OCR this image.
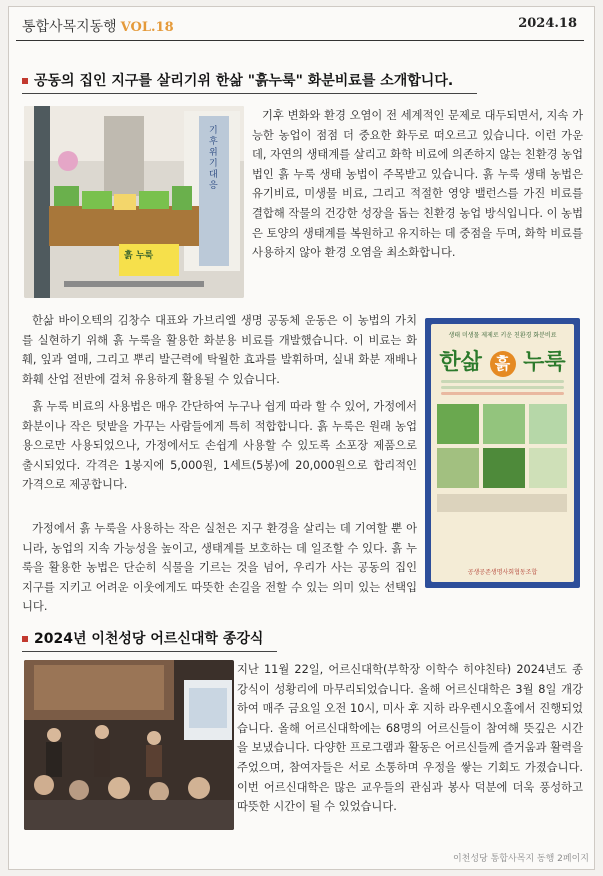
통합사목지동행 VOL.18	2024.18
공동의 집인 지구를 살리기위 한삶 "흙누룩" 화분비료를 소개합니다.
기후위기 대응
흙 누룩
기후 변화와 환경 오염이 전 세계적인 문제로 대두되면서, 지속 가능한 농업이 점점 더 중요한 화두로 떠오르고 있습니다. 이런 가운데, 자연의 생태계를 살리고 화학 비료에 의존하지 않는 친환경 농업법인 흙 누룩 생태 농법이 주목받고 있습니다. 흙 누룩 생태 농법은 유기비료, 미생물 비료, 그리고 적절한 영양 밸런스를 가진 비료를 결합해 작물의 건강한 성장을 돕는 친환경 농업 방식입니다. 이 농법은 토양의 생태계를 복원하고 유지하는 데 중점을 두며, 화학 비료를 사용하지 않아 환경 오염을 최소화합니다.
한삶 바이오텍의 김창수 대표와 가브리엘 생명 공동체 운동은 이 농법의 가치를 실현하기 위해 흙 누룩을 활용한 화분용 비료를 개발했습니다. 이 비료는 화훼, 잎과 열매, 그리고 뿌리 발근력에 탁월한 효과를 발휘하며, 실내 화분 재배나 화훼 산업 전반에 걸쳐 유용하게 활용될 수 있습니다.
흙 누룩 비료의 사용법은 매우 간단하여 누구나 쉽게 따라 할 수 있어, 가정에서 화분이나 작은 텃밭을 가꾸는 사람들에게 특히 적합합니다. 흙 누룩은 원래 농업용으로만 사용되었으나, 가정에서도 손쉽게 사용할 수 있도록 소포장 제품으로 출시되었다. 각격은 1봉지에 5,000원, 1세트(5봉)에 20,000원으로 합리적인 가격으로 제공합니다.
가정에서 흙 누룩을 사용하는 작은 실천은 지구 환경을 살리는 데 기여할 뿐 아니라, 농업의 지속 가능성을 높이고, 생태계를 보호하는 데 일조할 수 있다. 흙 누룩을 활용한 농법은 단순히 식물을 기르는 것을 넘어, 우리가 사는 공동의 집인 지구를 지키고 어려운 이웃에게도 따뜻한 손길을 전할 수 있는 의미 있는 선택입니다.
생태 미생물 제제로 키운 친환경 화분비료
한삶 흙 누룩
공생공존생명사회협동조합
2024년 이천성당 어르신대학 종강식
지난 11월 22일, 어르신대학(부학장 이학수 히야친타) 2024년도 종강식이 성황리에 마무리되었습니다. 올해 어르신대학은 3월 8일 개강하여 매주 금요일 오전 10시, 미사 후 지하 라우렌시오홀에서 진행되었습니다. 올해 어르신대학에는 68명의 어르신들이 참여해 뜻깊은 시간을 보냈습니다. 다양한 프로그램과 활동은 어르신들께 즐거움과 활력을 주었으며, 참여자들은 서로 소통하며 우정을 쌓는 기회도 가졌습니다. 이번 어르신대학은 많은 교우들의 관심과 봉사 덕분에 더욱 풍성하고 따뜻한 시간이 될 수 있었습니다.
이천성당 통합사목지 동행 2페이지
